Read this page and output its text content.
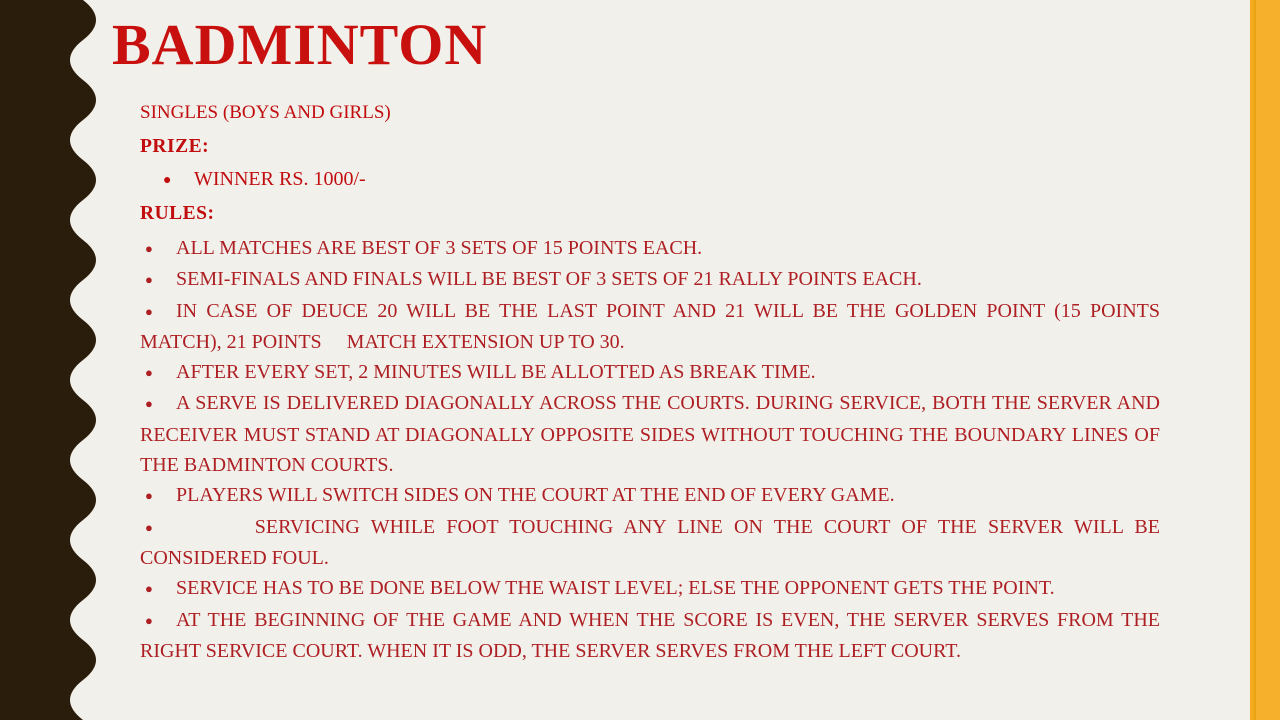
BADMINTON
SINGLES (BOYS AND GIRLS)
PRIZE:
● WINNER RS. 1000/-
RULES:

● ALL MATCHES ARE BEST OF 3 SETS OF 15 POINTS EACH.

● SEMI-FINALS AND FINALS WILL BE BEST OF 3 SETS OF 21 RALLY POINTS EACH.

● IN CASE OF DEUCE 20 WILL BE THE LAST POINT AND 21 WILL BE THE GOLDEN POINT (15 POINTS MATCH), 21 POINTS     MATCH EXTENSION UP TO 30.

● AFTER EVERY SET, 2 MINUTES WILL BE ALLOTTED AS BREAK TIME.

● A SERVE IS DELIVERED DIAGONALLY ACROSS THE COURTS. DURING SERVICE, BOTH THE SERVER AND RECEIVER MUST STAND AT DIAGONALLY OPPOSITE SIDES WITHOUT TOUCHING THE BOUNDARY LINES OF THE BADMINTON COURTS.

● PLAYERS WILL SWITCH SIDES ON THE COURT AT THE END OF EVERY GAME.

●       SERVICING WHILE FOOT TOUCHING ANY LINE ON THE COURT OF THE SERVER WILL BE CONSIDERED FOUL.

● SERVICE HAS TO BE DONE BELOW THE WAIST LEVEL; ELSE THE OPPONENT GETS THE POINT.

● AT THE BEGINNING OF THE GAME AND WHEN THE SCORE IS EVEN, THE SERVER SERVES FROM THE RIGHT SERVICE COURT. WHEN IT IS ODD, THE SERVER SERVES FROM THE LEFT COURT.
